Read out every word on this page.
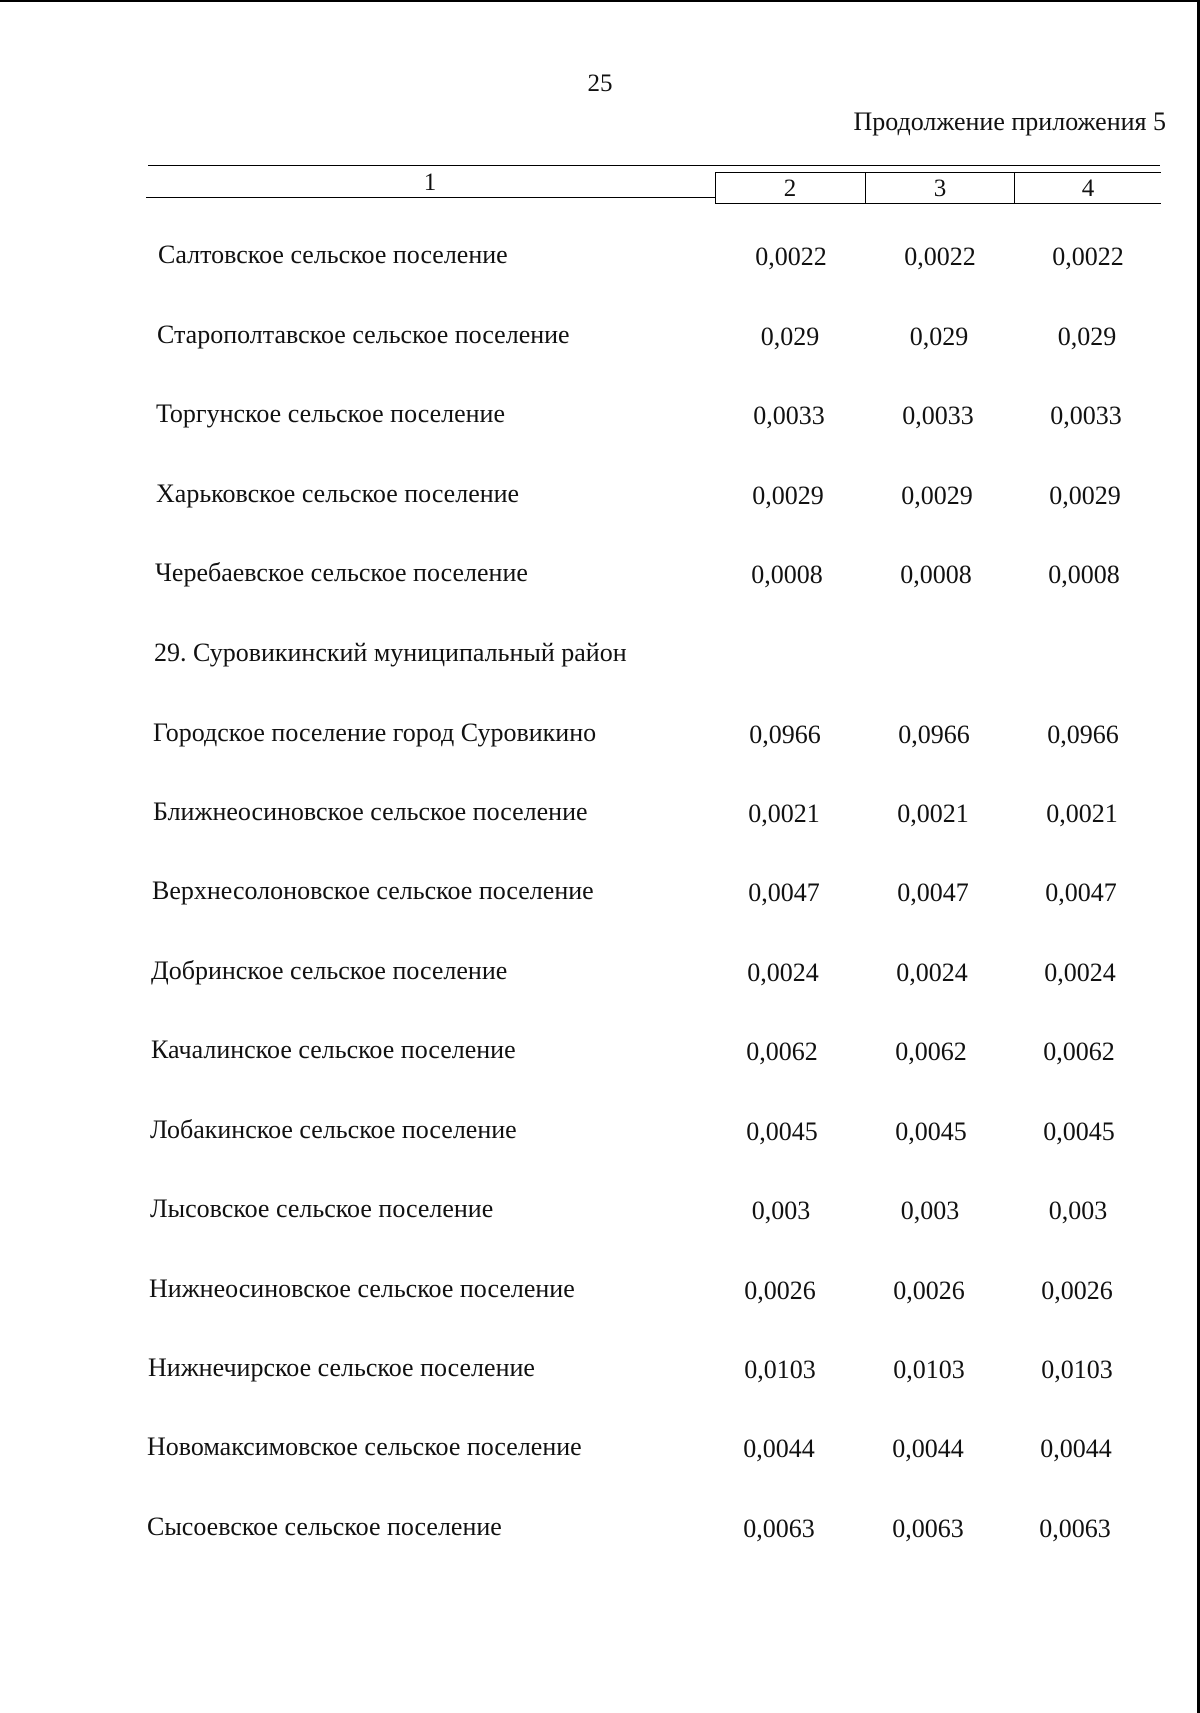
25
Продолжение приложения 5
1	2	3	4
Салтовское сельское поселение	0,0022	0,0022	0,0022
Старополтавское сельское поселение	0,029	0,029	0,029
Торгунское сельское поселение	0,0033	0,0033	0,0033
Харьковское сельское поселение	0,0029	0,0029	0,0029
Черебаевское сельское поселение	0,0008	0,0008	0,0008
29. Суровикинский муниципальный район
Городское поселение город Суровикино	0,0966	0,0966	0,0966
Ближнеосиновское сельское поселение	0,0021	0,0021	0,0021
Верхнесолоновское сельское поселение	0,0047	0,0047	0,0047
Добринское сельское поселение	0,0024	0,0024	0,0024
Качалинское сельское поселение	0,0062	0,0062	0,0062
Лобакинское сельское поселение	0,0045	0,0045	0,0045
Лысовское сельское поселение	0,003	0,003	0,003
Нижнеосиновское сельское поселение	0,0026	0,0026	0,0026
Нижнечирское сельское поселение	0,0103	0,0103	0,0103
Новомаксимовское сельское поселение	0,0044	0,0044	0,0044
Сысоевское сельское поселение	0,0063	0,0063	0,0063
